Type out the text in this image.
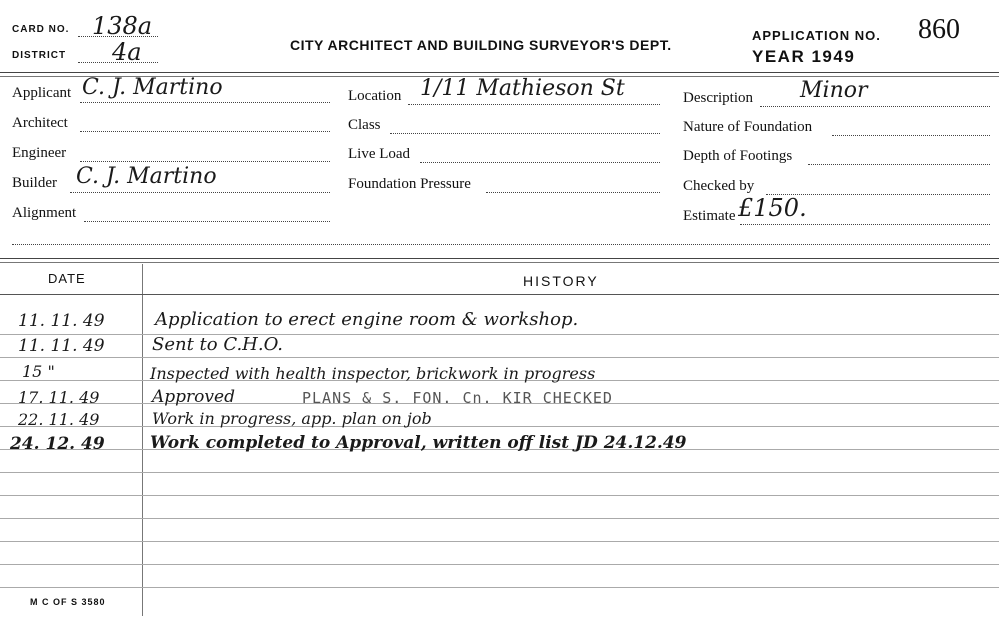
CARD NO. 138a
DISTRICT 4a	CITY ARCHITECT AND BUILDING SURVEYOR'S DEPT.
APPLICATION NO. 860
YEAR 1949
Applicant C. J. Martino
Architect
Engineer
Builder C. J. Martino
Alignment
Location 1/11 Mathieson St
Class
Live Load
Foundation Pressure
Description Minor
Nature of Foundation
Depth of Footings
Checked by
Estimate £150.
DATE	HISTORY
11. 11. 49	Application to erect engine room & workshop.
11. 11. 49	Sent to C.H.O.
15 "	Inspected with health inspector, brickwork in progress
17. 11. 49	Approved	PLANS & S. FON. Cn. KIR CHECKED
22. 11. 49	Work in progress, app. plan on job
24. 12. 49	Work completed to Approval, written off list JD 24.12.49
M C OF S 3580
